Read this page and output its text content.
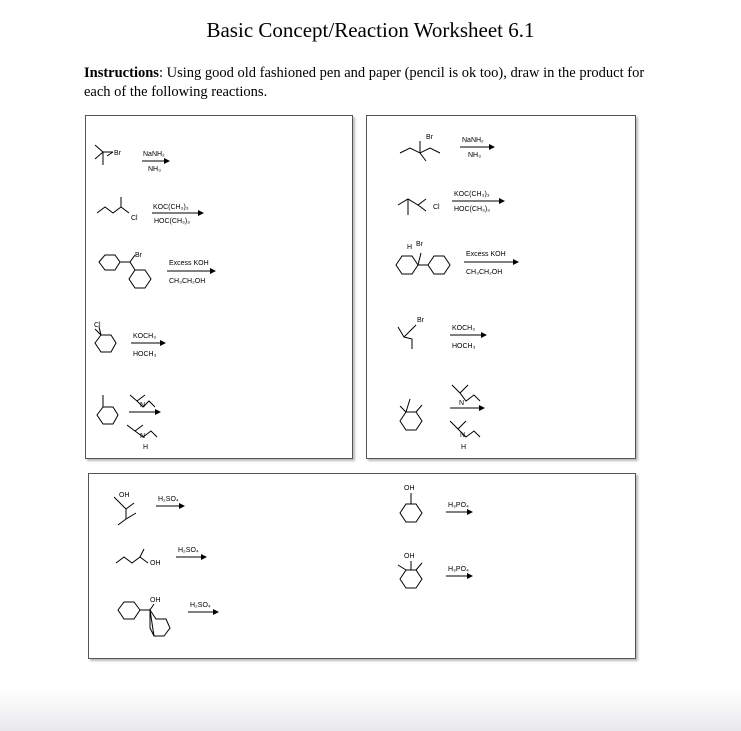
Basic Concept/Reaction Worksheet 6.1
Instructions: Using good old fashioned pen and paper (pencil is ok too), draw in the product for each of the following reactions.
Br	NaNH₂
NH₃
Cl
KOC(CH₃)₃
HOC(CH₃)₃
Br
Excess KOH
CH₃CH₂OH
Cl
KOCH₃
HOCH₃
N
N
H
Br	NaNH₂
NH₃
Cl
KOC(CH₃)₃
HOC(CH₃)₃
H Br
Excess KOH
CH₃CH₂OH
Br
KOCH₃
HOCH₃
N
N
H
OH
H₂SO₄
OH
H₂SO₄
OH
H₂SO₄
OH
H₃PO₄
OH
H₃PO₄
